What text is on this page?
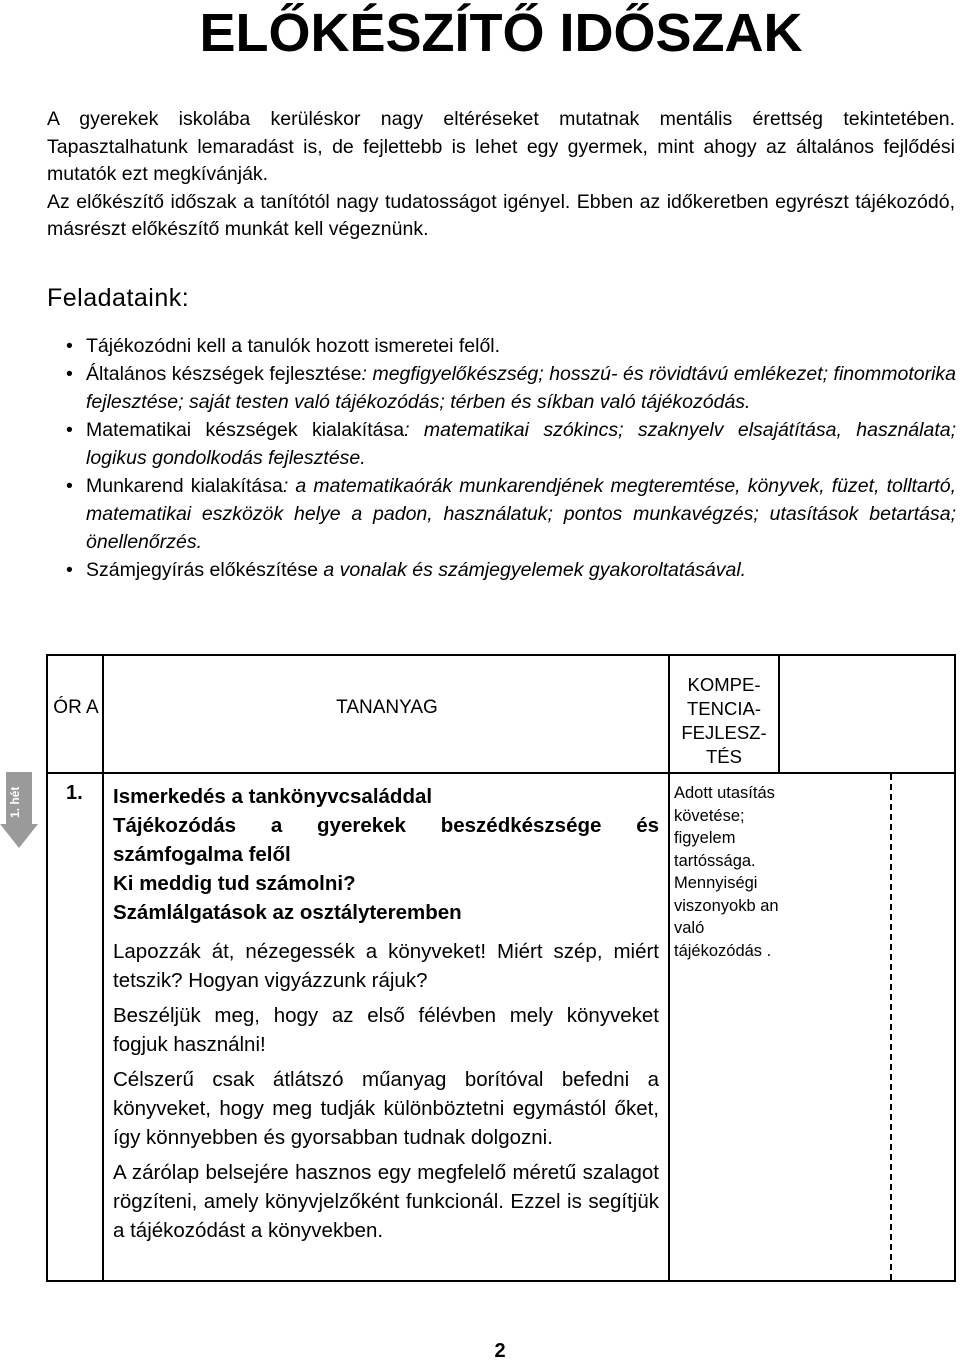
ELŐKÉSZÍTŐ IDŐSZAK

A gyerekek iskolába kerüléskor nagy eltéréseket mutatnak mentális érettség tekintetében. Tapasztalhatunk lemaradást is, de fejlettebb is lehet egy gyermek, mint ahogy az általános fejlődési mutatók ezt megkívánják.

Az előkészítő időszak a tanítótól nagy tudatosságot igényel. Ebben az időkeretben egyrészt tájékozódó, másrészt előkészítő munkát kell végeznünk.

Feladataink:
• Tájékozódni kell a tanulók hozott ismeretei felől.
• Általános készségek fejlesztése: megfigyelőkészség; hosszú- és rövidtávú emlékezet; finommotorika fejlesztése; saját testen való tájékozódás; térben és síkban való tájékozódás.
• Matematikai készségek kialakítása: matematikai szókincs; szaknyelv elsajátítása, használata; logikus gondolkodás fejlesztése.
• Munkarend kialakítása: a matematikaórák munkarendjének megteremtése, könyvek, füzet, tolltartó, matematikai eszközök helye a padon, használatuk; pontos munkavégzés; utasítások betartása; önellenőrzés.
• Számjegyírás előkészítése a vonalak és számjegyelemek gyakoroltatásával.
1. hét
ÓR A	TANANYAG
KOMPE- TENCIA- FEJLESZ- TÉS
1. Ismerkedés a tankönyvcsaláddal
Tájékozódás a gyerekek beszédkészsége és számfogalma felől
Ki meddig tud számolni?
Számlálgatások az osztályteremben

Lapozzák át, nézegessék a könyveket! Miért szép, miért tetszik? Hogyan vigyázzunk rájuk?

Beszéljük meg, hogy az első félévben mely könyveket fogjuk használni!

Célszerű csak átlátszó műanyag borítóval befedni a könyveket, hogy meg tudják különböztetni egymástól őket, így könnyebben és gyorsabban tudnak dolgozni.

A zárólap belsejére hasznos egy megfelelő méretű szalagot rögzíteni, amely könyvjelzőként funkcionál. Ezzel is segítjük a tájékozódást a könyvekben.

Adott utasítás követése; figyelem tartóssága. Mennyiségi viszonyokb an való tájékozódás .
2
